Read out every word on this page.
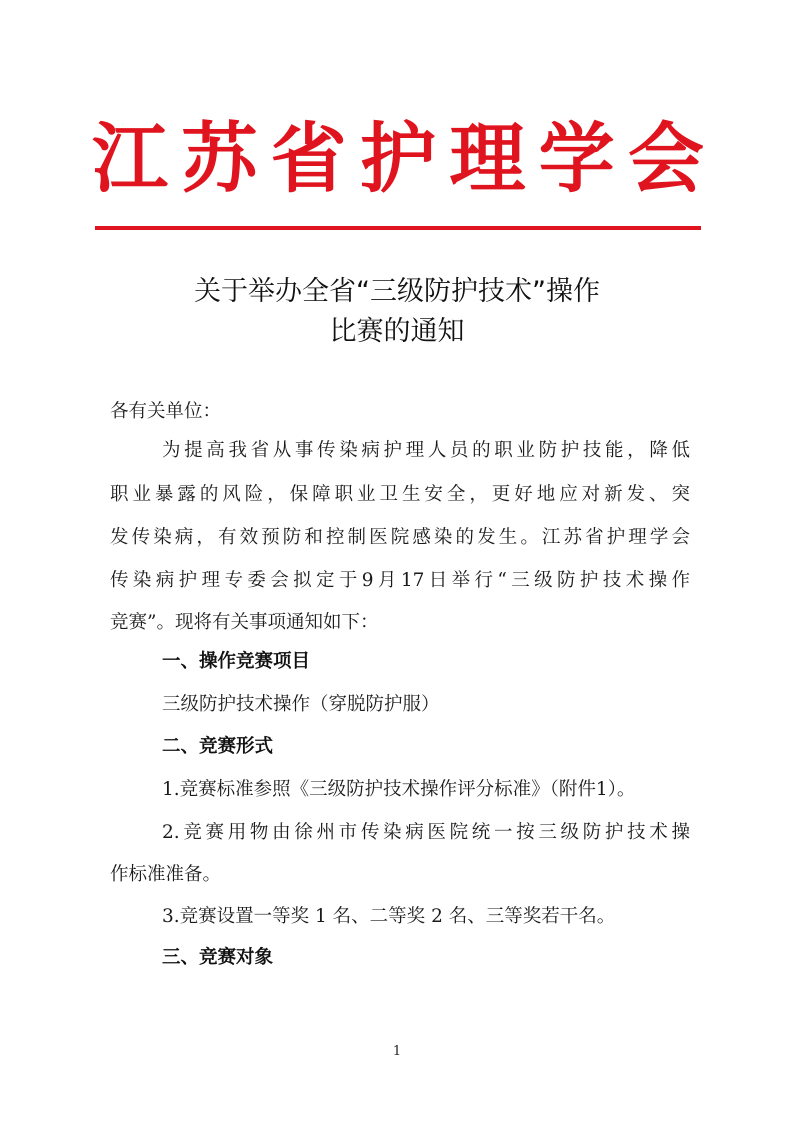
江 苏 省 护 理 学 会
关于举办全省“三级防护技术”操作
比赛的通知
各有关单位：
为提高我省从事传染病护理人员的职业防护技能，降低
职业暴露的风险，保障职业卫生安全，更好地应对新发、突
发传染病，有效预防和控制医院感染的发生。江苏省护理学会
传染病护理专委会拟定于9月17日举行“三级防护技术操作
竞赛”。现将有关事项通知如下：
一、操作竞赛项目
三级防护技术操作（穿脱防护服）
二、竞赛形式
1.竞赛标准参照《三级防护技术操作评分标准》（附件1）。
2.竞赛用物由徐州市传染病医院统一按三级防护技术操
作标准准备。
3.竞赛设置一等奖 1 名、二等奖 2 名、三等奖若干名。
三、竞赛对象
1
